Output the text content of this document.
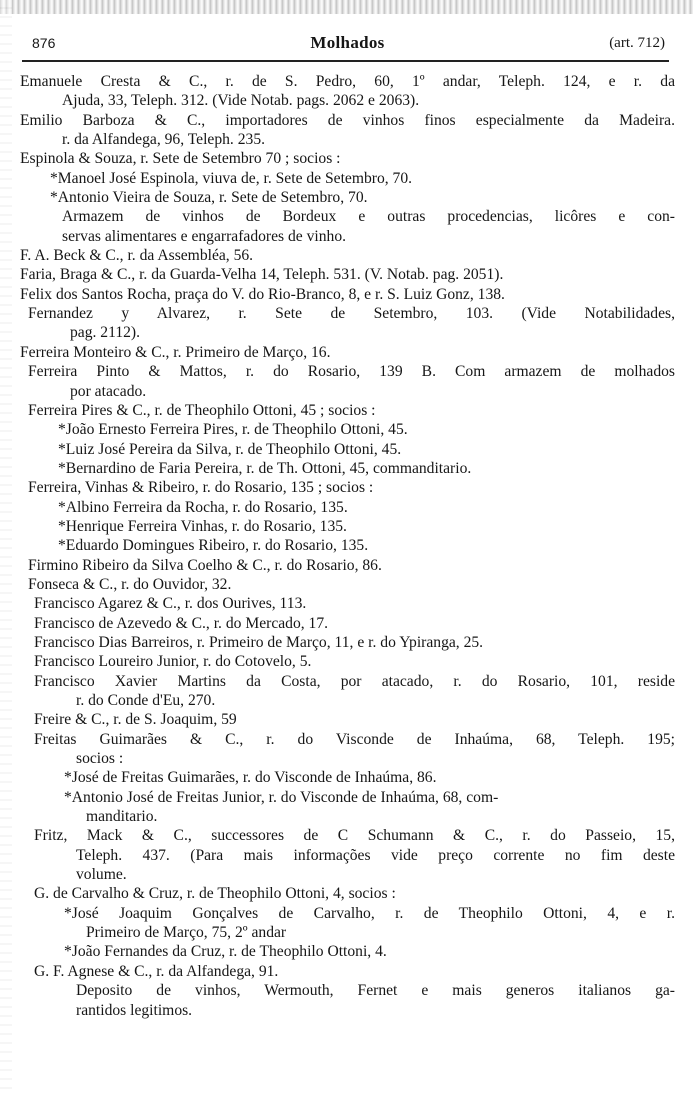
876	Molhados	(art. 712)
Emanuele Cresta & C., r. de S. Pedro, 60, 1º andar, Teleph. 124, e r. da
Ajuda, 33, Teleph. 312. (Vide Notab. pags. 2062 e 2063).
Emilio Barboza & C., importadores de vinhos finos especialmente da Madeira.
r. da Alfandega, 96, Teleph. 235.
Espinola & Souza, r. Sete de Setembro 70 ; socios :
*Manoel José Espinola, viuva de, r. Sete de Setembro, 70.
*Antonio Vieira de Souza, r. Sete de Setembro, 70.
Armazem de vinhos de Bordeux e outras procedencias, licôres e con-
servas alimentares e engarrafadores de vinho.
F. A. Beck & C., r. da Assembléa, 56.
Faria, Braga & C., r. da Guarda-Velha 14, Teleph. 531. (V. Notab. pag. 2051).
Felix dos Santos Rocha, praça do V. do Rio-Branco, 8, e r. S. Luiz Gonz, 138.
Fernandez y Alvarez, r. Sete de Setembro, 103. (Vide Notabilidades,
pag. 2112).
Ferreira Monteiro & C., r. Primeiro de Março, 16.
Ferreira Pinto & Mattos, r. do Rosario, 139 B. Com armazem de molhados
por atacado.
Ferreira Pires & C., r. de Theophilo Ottoni, 45 ; socios :
*João Ernesto Ferreira Pires, r. de Theophilo Ottoni, 45.
*Luiz José Pereira da Silva, r. de Theophilo Ottoni, 45.
*Bernardino de Faria Pereira, r. de Th. Ottoni, 45, commanditario.
Ferreira, Vinhas & Ribeiro, r. do Rosario, 135 ; socios :
*Albino Ferreira da Rocha, r. do Rosario, 135.
*Henrique Ferreira Vinhas, r. do Rosario, 135.
*Eduardo Domingues Ribeiro, r. do Rosario, 135.
Firmino Ribeiro da Silva Coelho & C., r. do Rosario, 86.
Fonseca & C., r. do Ouvidor, 32.
Francisco Agarez & C., r. dos Ourives, 113.
Francisco de Azevedo & C., r. do Mercado, 17.
Francisco Dias Barreiros, r. Primeiro de Março, 11, e r. do Ypiranga, 25.
Francisco Loureiro Junior, r. do Cotovelo, 5.
Francisco Xavier Martins da Costa, por atacado, r. do Rosario, 101, reside
r. do Conde d'Eu, 270.
Freire & C., r. de S. Joaquim, 59
Freitas Guimarães & C., r. do Visconde de Inhaúma, 68, Teleph. 195;
socios :
*José de Freitas Guimarães, r. do Visconde de Inhaúma, 86.
*Antonio José de Freitas Junior, r. do Visconde de Inhaúma, 68, com-
manditario.
Fritz, Mack & C., successores de C Schumann & C., r. do Passeio, 15,
Teleph. 437. (Para mais informações vide preço corrente no fim deste
volume.
G. de Carvalho & Cruz, r. de Theophilo Ottoni, 4, socios :
*José Joaquim Gonçalves de Carvalho, r. de Theophilo Ottoni, 4, e r.
Primeiro de Março, 75, 2º andar
*João Fernandes da Cruz, r. de Theophilo Ottoni, 4.
G. F. Agnese & C., r. da Alfandega, 91.
Deposito de vinhos, Wermouth, Fernet e mais generos italianos ga-
rantidos legitimos.
